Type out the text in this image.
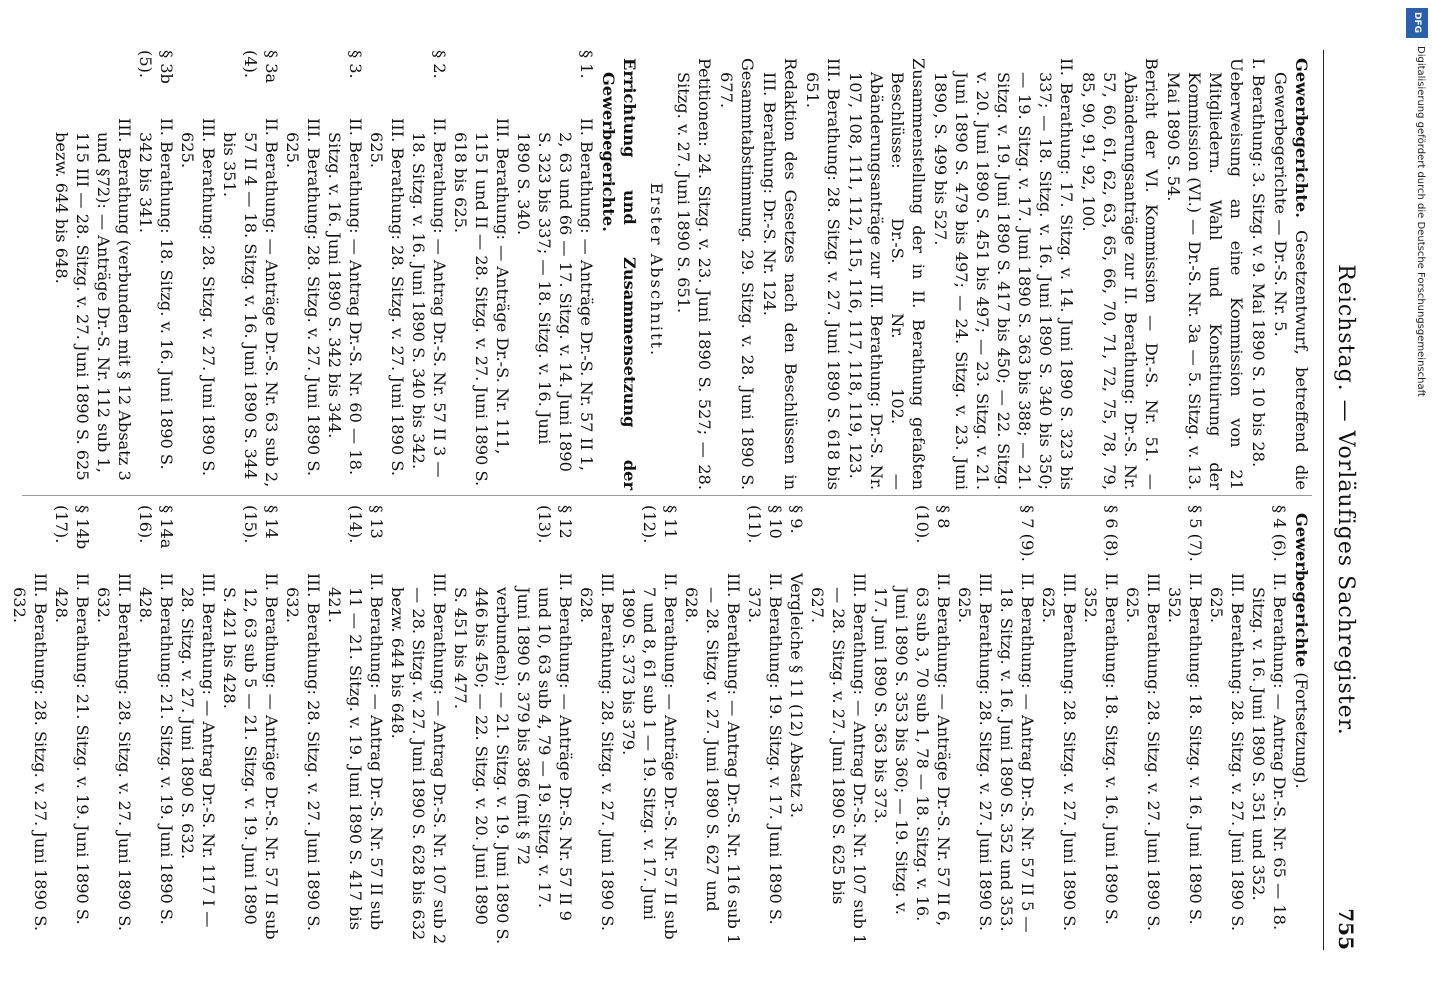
Reichstag. — Vorläufiges Sachregister.
755
Gewerbegerichte. Gesetzentwurf, betreffend die Gewerbegerichte — Dr.-S. Nr. 5.
I. Berathung: 3. Sitzg. v. 9. Mai 1890 S. 10 bis 28.
Ueberweisung an eine Kommission von 21 Mitgliedern. Wahl und Konstituirung der Kommission (VI.) — Dr.-S. Nr. 3a — 5. Sitzg. v. 13. Mai 1890 S. 54.
Bericht der VI. Kommission — Dr.-S. Nr. 51. — Abänderungsanträge zur II. Berathung: Dr.-S. Nr. 57, 60, 61, 62, 63, 65, 66, 70, 71, 72, 75, 78, 79, 85, 90, 91, 92, 100.
II. Berathung: 17. Sitzg. v. 14. Juni 1890 S. 323 bis 337; — 18. Sitzg. v. 16. Juni 1890 S. 340 bis 350; — 19. Sitzg. v. 17. Juni 1890 S. 363 bis 388; — 21. Sitzg. v. 19. Juni 1890 S. 417 bis 450; — 22. Sitzg. v. 20. Juni 1890 S. 451 bis 497; — 23. Sitzg. v. 21. Juni 1890 S. 479 bis 497; — 24. Sitzg. v. 23. Juni 1890, S. 499 bis 527.
Zusammenstellung der in II. Berathung gefaßten Beschlüsse: Dr.-S. Nr. 102. — Abänderungsanträge zur III. Berathung: Dr.-S. Nr. 107, 108, 111, 112, 115, 116, 117, 118, 119, 123.
III. Berathung: 28. Sitzg. v. 27. Juni 1890 S. 618 bis 651.
Redaktion des Gesetzes nach den Beschlüssen in III. Berathung: Dr.-S. Nr. 124.
Gesammtabstimmung. 29. Sitzg. v. 28. Juni 1890 S. 677.
Petitionen: 24. Sitzg. v. 23. Juni 1890 S. 527; — 28. Sitzg. v. 27. Juni 1890 S. 651.
Erster Abschnitt.
Errichtung und Zusammensetzung der Gewerbegerichte.
§ 1.
II. Berathung: — Anträge Dr.-S. Nr. 57 II 1, 2, 63 und 66 — 17. Sitzg. v. 14. Juni 1890 S. 323 bis 337; — 18. Sitzg. v. 16. Juni 1890 S. 340.
III. Berathung: — Anträge Dr.-S. Nr. 111, 115 I und II — 28. Sitzg. v. 27. Juni 1890 S. 618 bis 625.
§ 2.
II. Berathung: — Antrag Dr.-S. Nr. 57 II 3 — 18. Sitzg. v. 16. Juni 1890 S. 340 bis 342.
III. Berathung: 28. Sitzg. v. 27. Juni 1890 S. 625.
§ 3.
II. Berathung: — Antrag Dr.-S. Nr. 60 — 18. Sitzg. v. 16. Juni 1890 S. 342 bis 344.
III. Berathung: 28. Sitzg. v. 27. Juni 1890 S. 625.
§ 3a (4).
II. Berathung: — Anträge Dr.-S. Nr. 63 sub 2, 57 II 4 — 18. Sitzg. v. 16. Juni 1890 S. 344 bis 351.
III. Berathung: 28. Sitzg. v. 27. Juni 1890 S. 625.
§ 3b (5).
II. Berathung: 18. Sitzg. v. 16. Juni 1890 S. 342 bis 341.
III. Berathung (verbunden mit § 12 Absatz 3 und §72): — Anträge Dr.-S. Nr. 112 sub 1, 115 III — 28. Sitzg. v. 27. Juni 1890 S. 625 bezw. 644 bis 648.
Gewerbegerichte (Fortsetzung).
§ 4 (6).
II. Berathung: — Antrag Dr.-S. Nr. 65 — 18. Sitzg. v. 16. Juni 1890 S. 351 und 352.
III. Berathung: 28. Sitzg. v. 27. Juni 1890 S. 625.
§ 5 (7).
II. Berathung: 18. Sitzg. v. 16. Juni 1890 S. 352.
III. Berathung: 28. Sitzg. v. 27. Juni 1890 S. 625.
§ 6 (8).
II. Berathung: 18. Sitzg. v. 16. Juni 1890 S. 352.
III. Berathung: 28. Sitzg. v. 27. Juni 1890 S. 625.
§ 7 (9).
II. Berathung: — Antrag Dr.-S. Nr. 57 II 5 — 18. Sitzg. v. 16. Juni 1890 S. 352 und 353.
III. Berathung: 28. Sitzg. v. 27. Juni 1890 S. 625.
§ 8 (10).
II. Berathung: — Anträge Dr.-S. Nr. 57 II 6, 63 sub 3, 70 sub 1, 78 — 18. Sitzg. v. 16. Juni 1890 S. 353 bis 360; — 19. Sitzg. v. 17. Juni 1890 S. 363 bis 373.
III. Berathung: — Antrag Dr.-S. Nr. 107 sub 1 — 28. Sitzg. v. 27. Juni 1890 S. 625 bis 627.
§ 9.
Vergleiche § 11 (12) Absatz 3.
§ 10 (11).
II. Berathung: 19. Sitzg. v. 17. Juni 1890 S. 373.
III. Berathung: — Antrag Dr.-S. Nr. 116 sub 1 — 28. Sitzg. v. 27. Juni 1890 S. 627 und 628.
§ 11 (12).
II. Berathung: — Anträge Dr.-S. Nr. 57 II sub 7 und 8, 61 sub 1 — 19. Sitzg. v. 17. Juni 1890 S. 373 bis 379.
III. Berathung: 28. Sitzg. v. 27. Juni 1890 S. 628.
§ 12 (13).
II. Berathung: — Anträge Dr.-S. Nr. 57 II 9 und 10, 63 sub 4, 79 — 19. Sitzg. v. 17. Juni 1890 S. 379 bis 386 (mit § 72 verbunden); — 21. Sitzg. v. 19. Juni 1890 S. 446 bis 450; — 22. Sitzg. v. 20. Juni 1890 S. 451 bis 477.
III. Berathung: — Antrag Dr.-S. Nr. 107 sub 2 — 28. Sitzg. v. 27. Juni 1890 S. 628 bis 632 bezw. 644 bis 648.
§ 13 (14).
II. Berathung: — Antrag Dr.-S. Nr. 57 II sub 11 — 21. Sitzg. v. 19. Juni 1890 S. 417 bis 421.
III. Berathung: 28. Sitzg. v. 27. Juni 1890 S. 632.
§ 14 (15).
II. Berathung: — Anträge Dr.-S. Nr. 57 II sub 12, 63 sub 5 — 21. Sitzg. v. 19. Juni 1890 S. 421 bis 428.
III. Berathung: — Antrag Dr.-S. Nr. 117 I — 28. Sitzg. v. 27. Juni 1890 S. 632.
§ 14a (16).
II. Berathung: 21. Sitzg. v. 19. Juni 1890 S. 428.
III. Berathung: 28. Sitzg. v. 27. Juni 1890 S. 632.
§ 14b (17).
II. Berathung: 21. Sitzg. v. 19. Juni 1890 S. 428.
III. Berathung: 28. Sitzg. v. 27. Juni 1890 S. 632.
DFG
Digitalisierung gefördert durch die Deutsche Forschungsgemeinschaft
